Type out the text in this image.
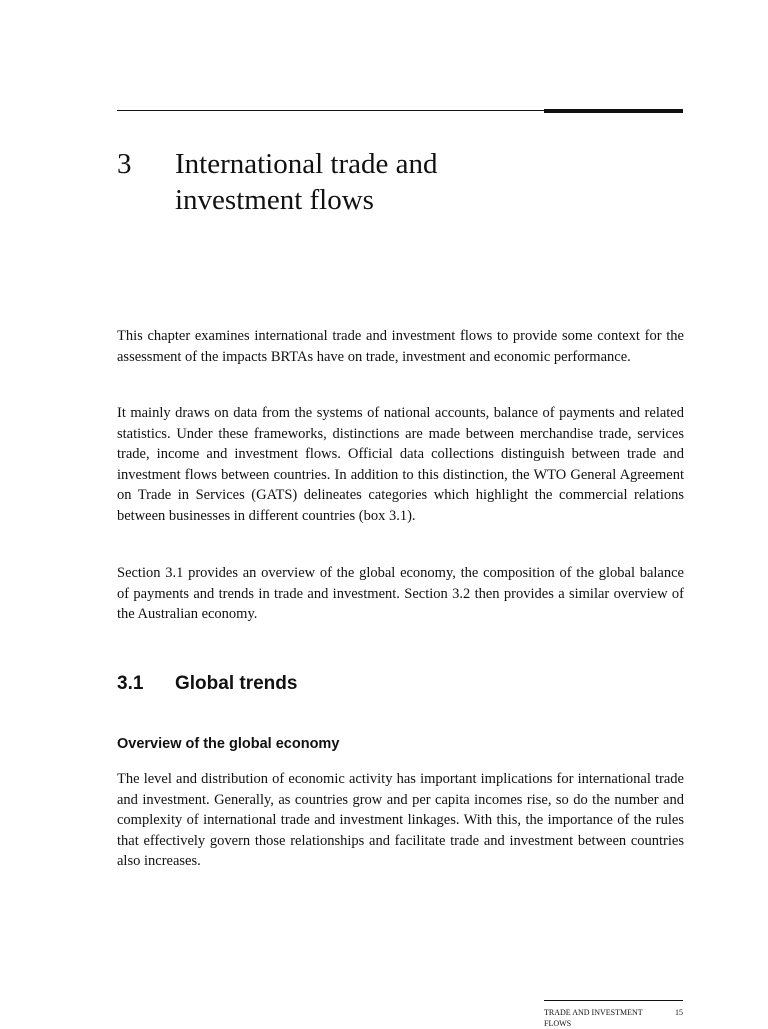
3 International trade and
investment flows

This chapter examines international trade and investment flows to provide some context for the assessment of the impacts BRTAs have on trade, investment and economic performance.

It mainly draws on data from the systems of national accounts, balance of payments and related statistics. Under these frameworks, distinctions are made between merchandise trade, services trade, income and investment flows. Official data collections distinguish between trade and investment flows between countries. In addition to this distinction, the WTO General Agreement on Trade in Services (GATS) delineates categories which highlight the commercial relations between businesses in different countries (box 3.1).

Section 3.1 provides an overview of the global economy, the composition of the global balance of payments and trends in trade and investment. Section 3.2 then provides a similar overview of the Australian economy.

3.1 Global trends
Overview of the global economy

The level and distribution of economic activity has important implications for international trade and investment. Generally, as countries grow and per capita incomes rise, so do the number and complexity of international trade and investment linkages. With this, the importance of the rules that effectively govern those relationships and facilitate trade and investment between countries also increases.

TRADE AND INVESTMENT FLOWS
15
